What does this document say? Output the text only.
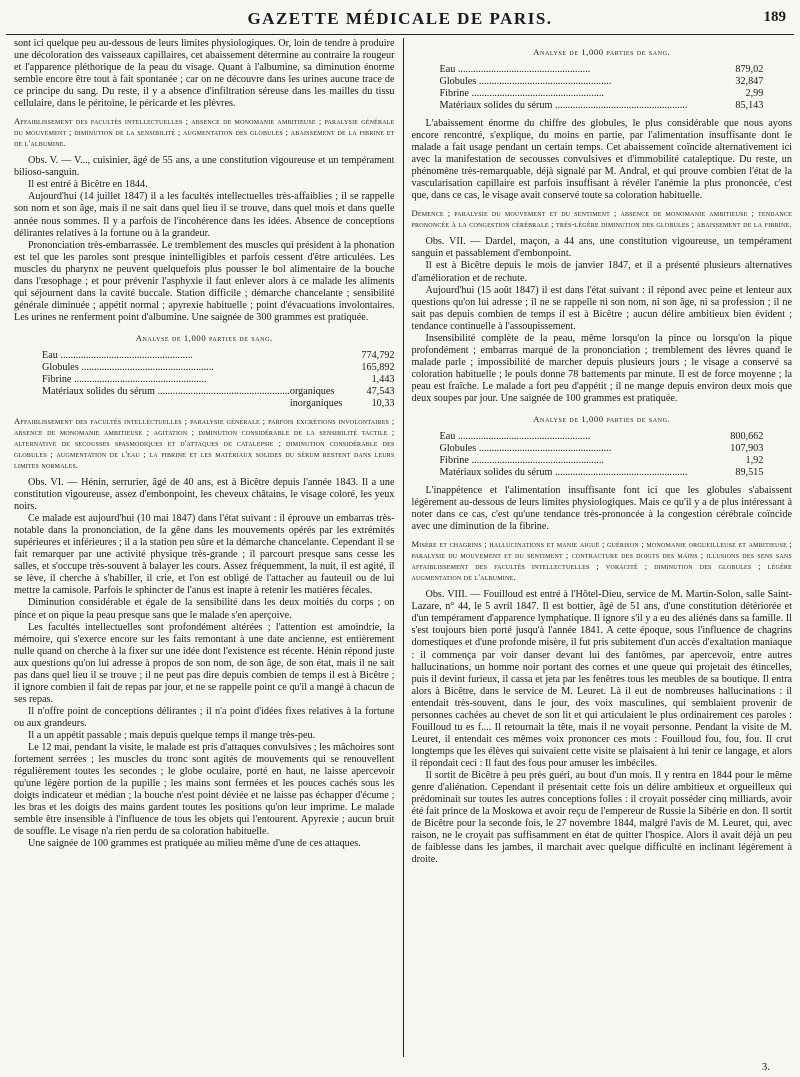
GAZETTE MÉDICALE DE PARIS.	189

sont ici quelque peu au-dessous de leurs limites physiologiques. Or, loin de tendre à produire une décoloration des vaisseaux capillaires, cet abaissement détermine au contraire la rougeur et l'apparence pléthorique de la peau du visage. Quant à l'albumine, sa diminution énorme semble encore être tout à fait spontanée ; car on ne découvre dans les urines aucune trace de ce principe du sang. Du reste, il y a absence d'infiltration séreuse dans les mailles du tissu cellulaire, dans le péritoine, le péricarde et les plèvres.

Affaiblissement des facultés intellectuelles ; absence de monomanie ambitieuse ; paralysie générale du mouvement ; diminution de la sensibilité ; augmentation des globules ; abaissement de la fibrine et de l'albumine.

Obs. V. — V..., cuisinier, âgé de 55 ans, a une constitution vigoureuse et un tempérament bilioso-sanguin.

Il est entré à Bicêtre en 1844.

Aujourd'hui (14 juillet 1847) il a les facultés intellectuelles très-affaiblies ; il se rappelle son nom et son âge, mais il ne sait dans quel lieu il se trouve, dans quel mois et dans quelle année nous sommes. Il y a parfois de l'incohérence dans les idées. Absence de conceptions délirantes relatives à la fortune ou à la grandeur.

Prononciation très-embarrassée. Le tremblement des muscles qui président à la phonation est tel que les paroles sont presque inintelligibles et parfois cessent d'être articulées. Les muscles du pharynx ne peuvent quelquefois plus pousser le bol alimentaire de la bouche dans l'œsophage ; et pour prévenir l'asphyxie il faut enlever alors à ce malade les aliments qui séjournent dans la cavité buccale. Station difficile ; démarche chancelante ; sensibilité générale diminuée ; appétit normal ; apyrexie habituelle ; point d'évacuations involontaires. Les urines ne renferment point d'albumine. Une saignée de 300 grammes est pratiquée.

Analyse de 1,000 parties de sang.
Eau .....		774,792
Globules .....		165,892
Fibrine .....		1,443
Matériaux solides du sérum .....	organiques	47,543
	inorganiques	10,33

Affaiblissement des facultés intellectuelles ; paralysie générale ; parfois excrétions involontaires ; absence de monomanie ambitieuse ; agitation ; diminution considérable de la sensibilité tactile ; alternative de secousses spasmodiques et d'attaques de catalepsie ; diminution considérable des globules ; augmentation de l'eau ; la fibrine et les matériaux solides du sérum restent dans leurs limites normales.

Obs. VI. — Hénin, serrurier, âgé de 40 ans, est à Bicêtre depuis l'année 1843. Il a une constitution vigoureuse, assez d'embonpoint, les cheveux châtains, le visage coloré, les yeux noirs.

Ce malade est aujourd'hui (10 mai 1847) dans l'état suivant : il éprouve un embarras très-notable dans la prononciation, de la gêne dans les mouvements opérés par les extrémités supérieures et inférieures ; il a la station peu sûre et la démarche chancelante. Cependant il se fait remarquer par une activité physique très-grande ; il parcourt presque sans cesse les salles, et s'occupe très-souvent à balayer les cours. Assez fréquemment, la nuit, il est agité, il se lève, il cherche à s'habiller, il crie, et l'on est obligé de l'attacher au fauteuil ou de lui mettre la camisole. Parfois le sphincter de l'anus est inapte à retenir les matières fécales.

Diminution considérable et égale de la sensibilité dans les deux moitiés du corps ; on pince et on pique la peau presque sans que le malade s'en aperçoive.

Les facultés intellectuelles sont profondément altérées ; l'attention est amoindrie, la mémoire, qui s'exerce encore sur les faits remontant à une date ancienne, est entièrement nulle quand on cherche à la fixer sur une idée dont l'existence est récente. Hénin répond juste aux questions qu'on lui adresse à propos de son nom, de son âge, de son état, mais il ne sait pas dans quel lieu il se trouve ; il ne peut pas dire depuis combien de temps il est à Bicêtre ; il ignore combien il fait de repas par jour, et ne se rappelle point ce qu'il a mangé à chacun de ses repas.

Il n'offre point de conceptions délirantes ; il n'a point d'idées fixes relatives à la fortune ou aux grandeurs.

Il a un appétit passable ; mais depuis quelque temps il mange très-peu.

Le 12 mai, pendant la visite, le malade est pris d'attaques convulsives ; les mâchoires sont fortement serrées ; les muscles du tronc sont agités de mouvements qui se renouvellent régulièrement toutes les secondes ; le globe oculaire, porté en haut, ne laisse apercevoir qu'une légère portion de la pupille ; les mains sont fermées et les pouces cachés sous les doigts indicateur et médian ; la bouche n'est point déviée et ne laisse pas échapper d'écume ; les bras et les doigts des mains gardent toutes les positions qu'on leur imprime. Le malade semble être insensible à l'influence de tous les objets qui l'entourent. Apyrexie ; aucun bruit de souffle. Le visage n'a rien perdu de sa coloration habituelle.

Une saignée de 100 grammes est pratiquée au milieu même d'une de ces attaques.

Analyse de 1,000 parties de sang.
Eau .....	879,02
Globules .....	32,847
Fibrine .....	2,99
Matériaux solides du sérum .....	85,143

L'abaissement énorme du chiffre des globules, le plus considérable que nous ayons encore rencontré, s'explique, du moins en partie, par l'alimentation insuffisante dont le malade a fait usage pendant un certain temps. Cet abaissement coïncide alternativement ici avec la manifestation de secousses convulsives et d'immobilité cataleptique. Du reste, un phénomène très-remarquable, déjà signalé par M. Andral, et qui prouve combien l'état de la vascularisation capillaire est parfois insuffisant à révéler l'anémie la plus prononcée, c'est que, dans ce cas, le visage avait conservé toute sa coloration habituelle.

Démence ; paralysie du mouvement et du sentiment ; absence de monomanie ambitieuse ; tendance prononcée à la congestion cérébrale ; très-légère diminution des globules ; abaissement de la fibrine.

Obs. VII. — Dardel, maçon, a 44 ans, une constitution vigoureuse, un tempérament sanguin et passablement d'embonpoint.

Il est à Bicêtre depuis le mois de janvier 1847, et il a présenté plusieurs alternatives d'amélioration et de rechute.

Aujourd'hui (15 août 1847) il est dans l'état suivant : il répond avec peine et lenteur aux questions qu'on lui adresse ; il ne se rappelle ni son nom, ni son âge, ni sa profession ; il ne sait pas depuis combien de temps il est à Bicêtre ; aucun délire ambitieux bien évident ; tendance continuelle à l'assoupissement.

Insensibilité complète de la peau, même lorsqu'on la pince ou lorsqu'on la pique profondément ; embarras marqué de la prononciation ; tremblement des lèvres quand le malade parle ; impossibilité de marcher depuis plusieurs jours ; le visage a conservé sa coloration habituelle ; le pouls donne 78 battements par minute. Il est de force moyenne ; la peau est fraîche. Le malade a fort peu d'appétit ; il ne mange depuis environ deux mois que deux soupes par jour. Une saignée de 100 grammes est pratiquée.

Analyse de 1,000 parties de sang.
Eau .....	800,662
Globules .....	107,903
Fibrine .....	1,92
Matériaux solides du sérum .....	89,515

L'inappétence et l'alimentation insuffisante font ici que les globules s'abaissent légèrement au-dessous de leurs limites physiologiques. Mais ce qu'il y a de plus intéressant à noter dans ce cas, c'est qu'une tendance très-prononcée à la congestion cérébrale coïncide avec une diminution de la fibrine.

Misère et chagrins ; hallucinations et manie aiguë ; guérison ; monomanie orgueilleuse et ambitieuse ; paralysie du mouvement et du sentiment ; contracture des doigts des mains ; illusions des sens sans affaiblissement des facultés intellectuelles ; voracité ; diminution des globules ; légère augmentation de l'albumine.

Obs. VIII. — Fouilloud est entré à l'Hôtel-Dieu, service de M. Martin-Solon, salle Saint-Lazare, n° 44, le 5 avril 1847. Il est bottier, âgé de 51 ans, d'une constitution détériorée et d'un tempérament d'apparence lymphatique. Il ignore s'il y a eu des aliénés dans sa famille. Il s'est toujours bien porté jusqu'à l'année 1841. A cette époque, sous l'influence de chagrins domestiques et d'une profonde misère, il fut pris subitement d'un accès d'exaltation maniaque : il commença par voir danser devant lui des fantômes, par apercevoir, entre autres hallucinations, un homme noir portant des cornes et une queue qui projetait des étincelles, puis il devint furieux, il cassa et jeta par les fenêtres tous les meubles de sa boutique. Il entra alors à Bicêtre, dans le service de M. Leuret. Là il eut de nombreuses hallucinations : il entendait très-souvent, dans le jour, des voix masculines, qui semblaient provenir de personnes cachées au chevet de son lit et qui articulaient le plus ordinairement ces paroles : Fouilloud tu es f.... Il retournait la tête, mais il ne voyait personne. Pendant la visite de M. Leuret, il entendait ces mêmes voix prononcer ces mots : Fouilloud fou, fou, fou. Il crut longtemps que les élèves qui suivaient cette visite se plaisaient à lui tenir ce langage, et alors il répondait ceci : Il faut des fous pour amuser les imbéciles.

Il sortit de Bicêtre à peu près guéri, au bout d'un mois. Il y rentra en 1844 pour le même genre d'aliénation. Cependant il présentait cette fois un délire ambitieux et orgueilleux qui prédominait sur toutes les autres conceptions folles : il croyait posséder cinq milliards, avoir été fait prince de la Moskowa et avoir reçu de l'empereur de Russie la Sibérie en don. Il sortit de Bicêtre pour la seconde fois, le 27 novembre 1844, malgré l'avis de M. Leuret, qui, avec raison, ne le croyait pas suffisamment en état de quitter l'hospice. Alors il avait déjà un peu de faiblesse dans les jambes, il marchait avec quelque difficulté en inclinant légèrement à droite.

3.
